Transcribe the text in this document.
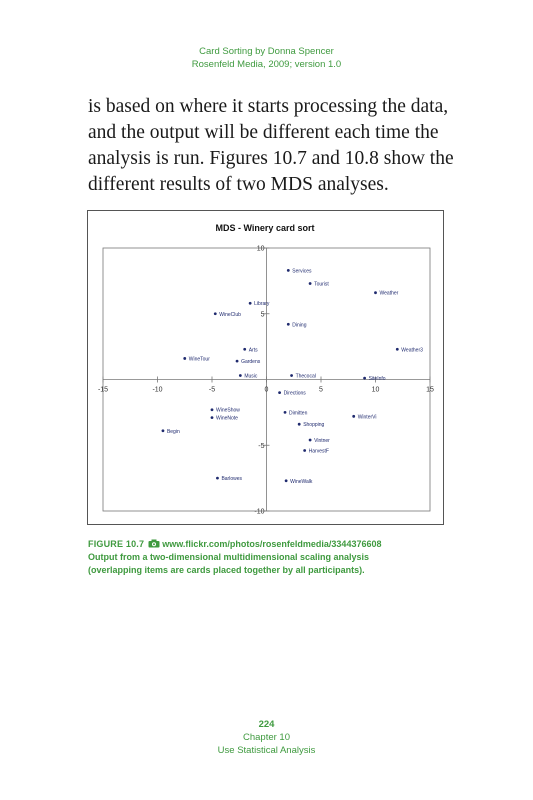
Card Sorting by Donna Spencer
Rosenfeld Media, 2009; version 1.0
is based on where it starts processing the data,
and the output will be different each time the
analysis is run. Figures 10.7 and 10.8 show the
different results of two MDS analyses.
MDS - Winery card sort
-15	-10	-5	0	5	10	15
10
5
-5
-10
Services
Tourist
Weather
Library
WineClub
Dining
Arts	Weather3
WineTour	Gardens
Music	Thecocal	SiteInfo
Directions
WineShow
WineNote
Dimitten
WinterVi
Shopping
Begin
Vintner
HarvestF
Barlowes	WineWalk
FIGURE 10.7 www.flickr.com/photos/rosenfeldmedia/3344376608
Output from a two-dimensional multidimensional scaling analysis
(overlapping items are cards placed together by all participants).
224
Chapter 10
Use Statistical Analysis
